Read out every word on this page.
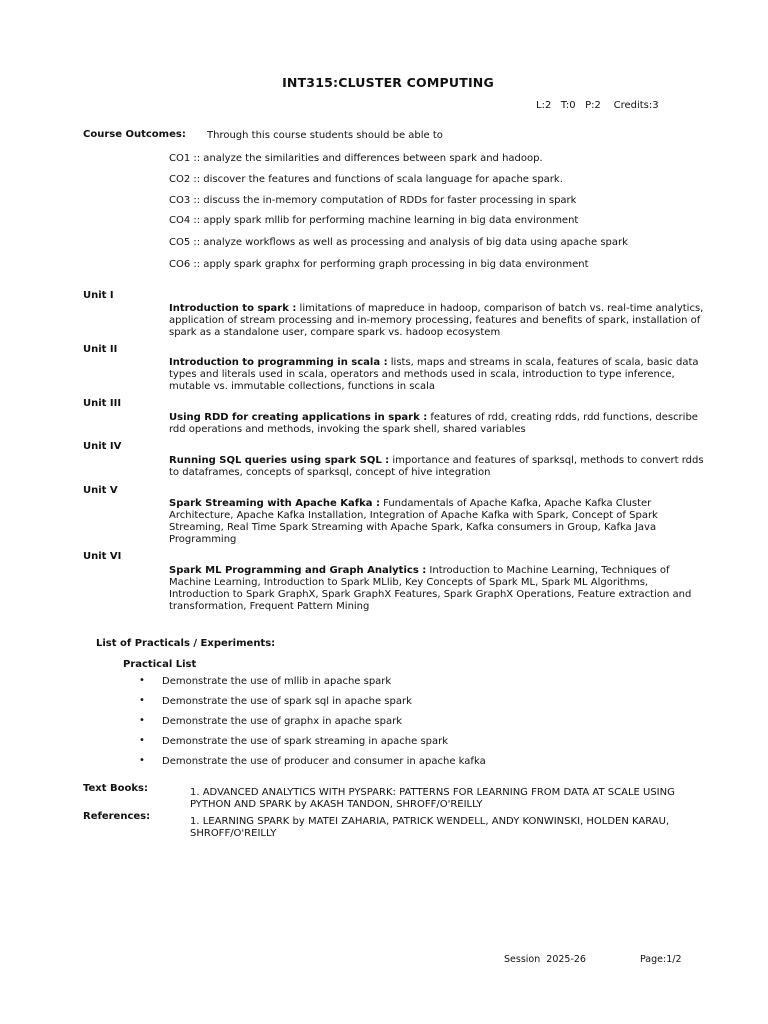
INT315:CLUSTER COMPUTING
L:2   T:0   P:2    Credits:3
Course Outcomes: Through this course students should be able to
CO1 :: analyze the similarities and differences between spark and hadoop.
CO2 :: discover the features and functions of scala language for apache spark.
CO3 :: discuss the in-memory computation of RDDs for faster processing in spark
CO4 :: apply spark mllib for performing machine learning in big data environment
CO5 :: analyze workflows as well as processing and analysis of big data using apache spark
CO6 :: apply spark graphx for performing graph processing in big data environment
Unit I
Introduction to spark : limitations of mapreduce in hadoop, comparison of batch vs. real-time analytics, application of stream processing and in-memory processing, features and benefits of spark, installation of spark as a standalone user, compare spark vs. hadoop ecosystem
Unit II
Introduction to programming in scala : lists, maps and streams in scala, features of scala, basic data types and literals used in scala, operators and methods used in scala, introduction to type inference, mutable vs. immutable collections, functions in scala
Unit III
Using RDD for creating applications in spark : features of rdd, creating rdds, rdd functions, describe rdd operations and methods, invoking the spark shell, shared variables
Unit IV
Running SQL queries using spark SQL : importance and features of sparksql, methods to convert rdds to dataframes, concepts of sparksql, concept of hive integration
Unit V
Spark Streaming with Apache Kafka : Fundamentals of Apache Kafka, Apache Kafka Cluster Architecture, Apache Kafka Installation, Integration of Apache Kafka with Spark, Concept of Spark Streaming, Real Time Spark Streaming with Apache Spark, Kafka consumers in Group, Kafka Java Programming
Unit VI
Spark ML Programming and Graph Analytics : Introduction to Machine Learning, Techniques of Machine Learning, Introduction to Spark MLlib, Key Concepts of Spark ML, Spark ML Algorithms, Introduction to Spark GraphX, Spark GraphX Features, Spark GraphX Operations, Feature extraction and transformation, Frequent Pattern Mining
List of Practicals / Experiments:
Practical List
• Demonstrate the use of mllib in apache spark
• Demonstrate the use of spark sql in apache spark
• Demonstrate the use of graphx in apache spark
• Demonstrate the use of spark streaming in apache spark
• Demonstrate the use of producer and consumer in apache kafka
Text Books:	1. ADVANCED ANALYTICS WITH PYSPARK: PATTERNS FOR LEARNING FROM DATA AT SCALE USING PYTHON AND SPARK by AKASH TANDON, SHROFF/O'REILLY
References:	1. LEARNING SPARK by MATEI ZAHARIA, PATRICK WENDELL, ANDY KONWINSKI, HOLDEN KARAU, SHROFF/O'REILLY
Session  2025-26	Page:1/2
